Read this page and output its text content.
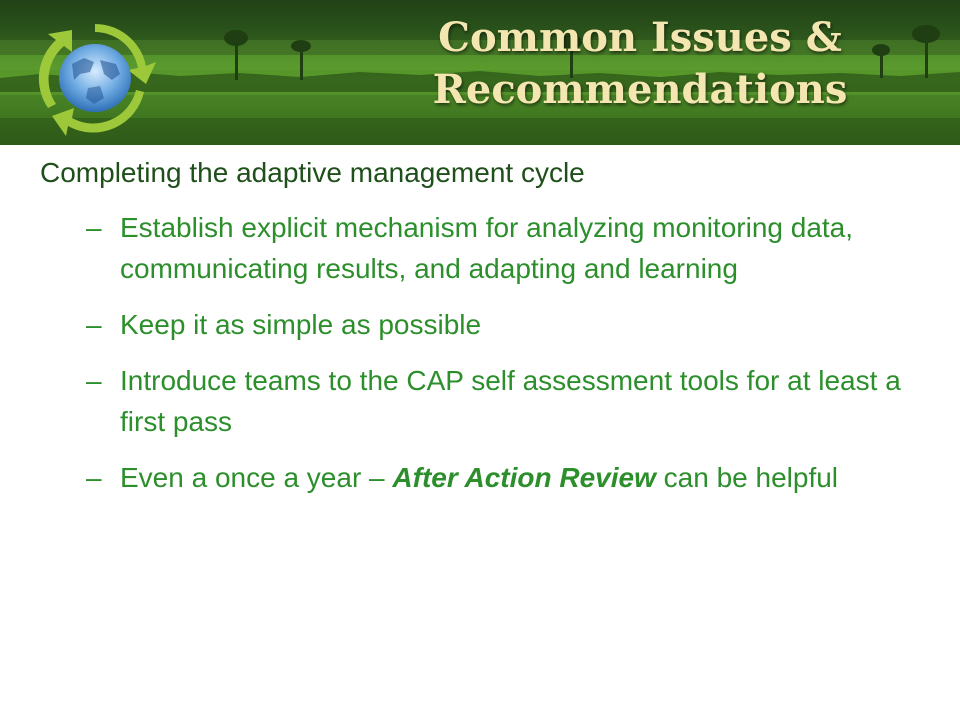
Common Issues &
Recommendations
Completing the adaptive management cycle
– Establish explicit mechanism for analyzing monitoring data, communicating results, and adapting and learning
– Keep it as simple as possible
– Introduce teams to the CAP self assessment tools for at least a first pass
– Even a once a year – After Action Review can be helpful
